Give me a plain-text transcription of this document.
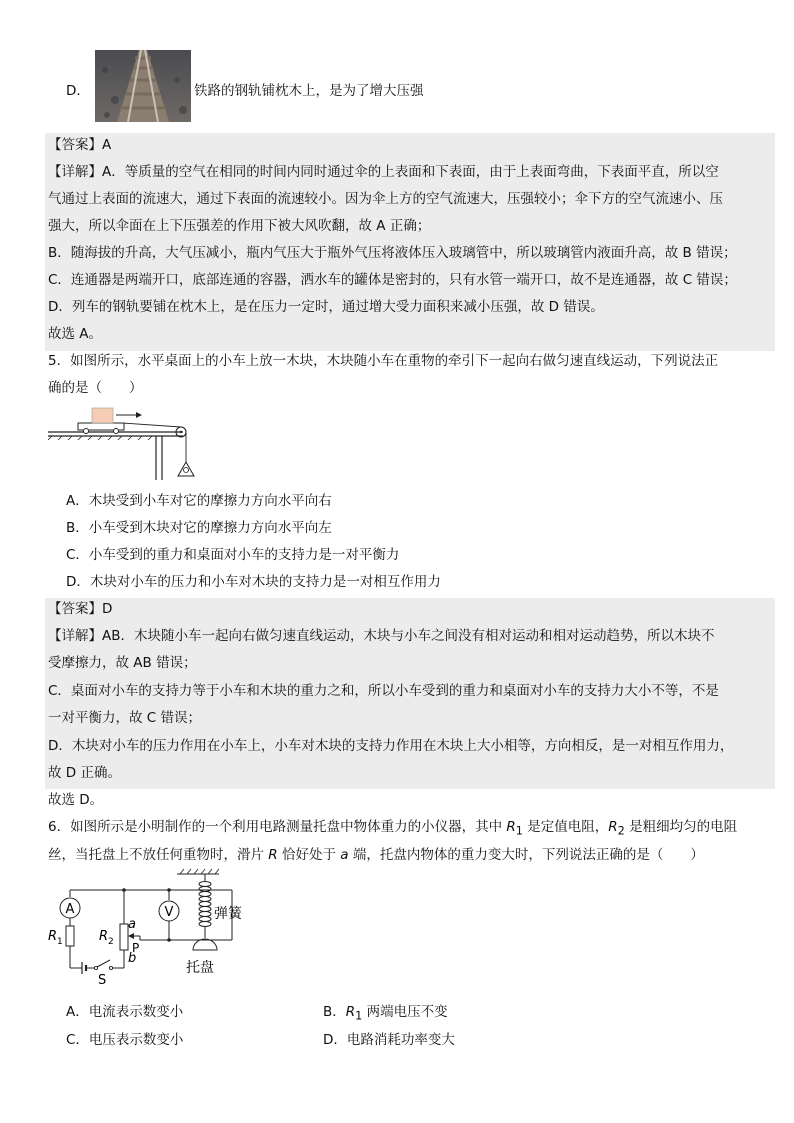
D．	铁路的钢轨铺枕木上，是为了增大压强
【答案】A
【详解】A．等质量的空气在相同的时间内同时通过伞的上表面和下表面，由于上表面弯曲，下表面平直，所以空
气通过上表面的流速大，通过下表面的流速较小。因为伞上方的空气流速大，压强较小；伞下方的空气流速小、压
强大，所以伞面在上下压强差的作用下被大风吹翻，故 A 正确；
B．随海拔的升高，大气压减小，瓶内气压大于瓶外气压将液体压入玻璃管中，所以玻璃管内液面升高，故 B 错误；
C．连通器是两端开口，底部连通的容器，洒水车的罐体是密封的，只有水管一端开口，故不是连通器，故 C 错误；
D．列车的钢轨要铺在枕木上，是在压力一定时，通过增大受力面积来减小压强，故 D 错误。
故选 A。
5．如图所示，水平桌面上的小车上放一木块，木块随小车在重物的牵引下一起向右做匀速直线运动，下列说法正
确的是（　　）
A．木块受到小车对它的摩擦力方向水平向右
B．小车受到木块对它的摩擦力方向水平向左
C．小车受到的重力和桌面对小车的支持力是一对平衡力
D．木块对小车的压力和小车对木块的支持力是一对相互作用力
【答案】D
【详解】AB．木块随小车一起向右做匀速直线运动，木块与小车之间没有相对运动和相对运动趋势，所以木块不
受摩擦力，故 AB 错误；
C．桌面对小车的支持力等于小车和木块的重力之和，所以小车受到的重力和桌面对小车的支持力大小不等，不是
一对平衡力，故 C 错误；
D．木块对小车的压力作用在小车上，小车对木块的支持力作用在木块上大小相等，方向相反，是一对相互作用力，
故 D 正确。
故选 D。
6．如图所示是小明制作的一个利用电路测量托盘中物体重力的小仪器，其中 $R_1$ 是定值电阻，$R_2$ 是粗细均匀的电阻
丝，当托盘上不放任何重物时，滑片 R 恰好处于 a 端，托盘内物体的重力变大时，下列说法正确的是（　　）
A．电流表示数变小	B．$R_1$ 两端电压不变
C．电压表示数变小	D．电路消耗功率变大
A	V
R 1	R 2
a
b
P
S
弹簧
托盘
